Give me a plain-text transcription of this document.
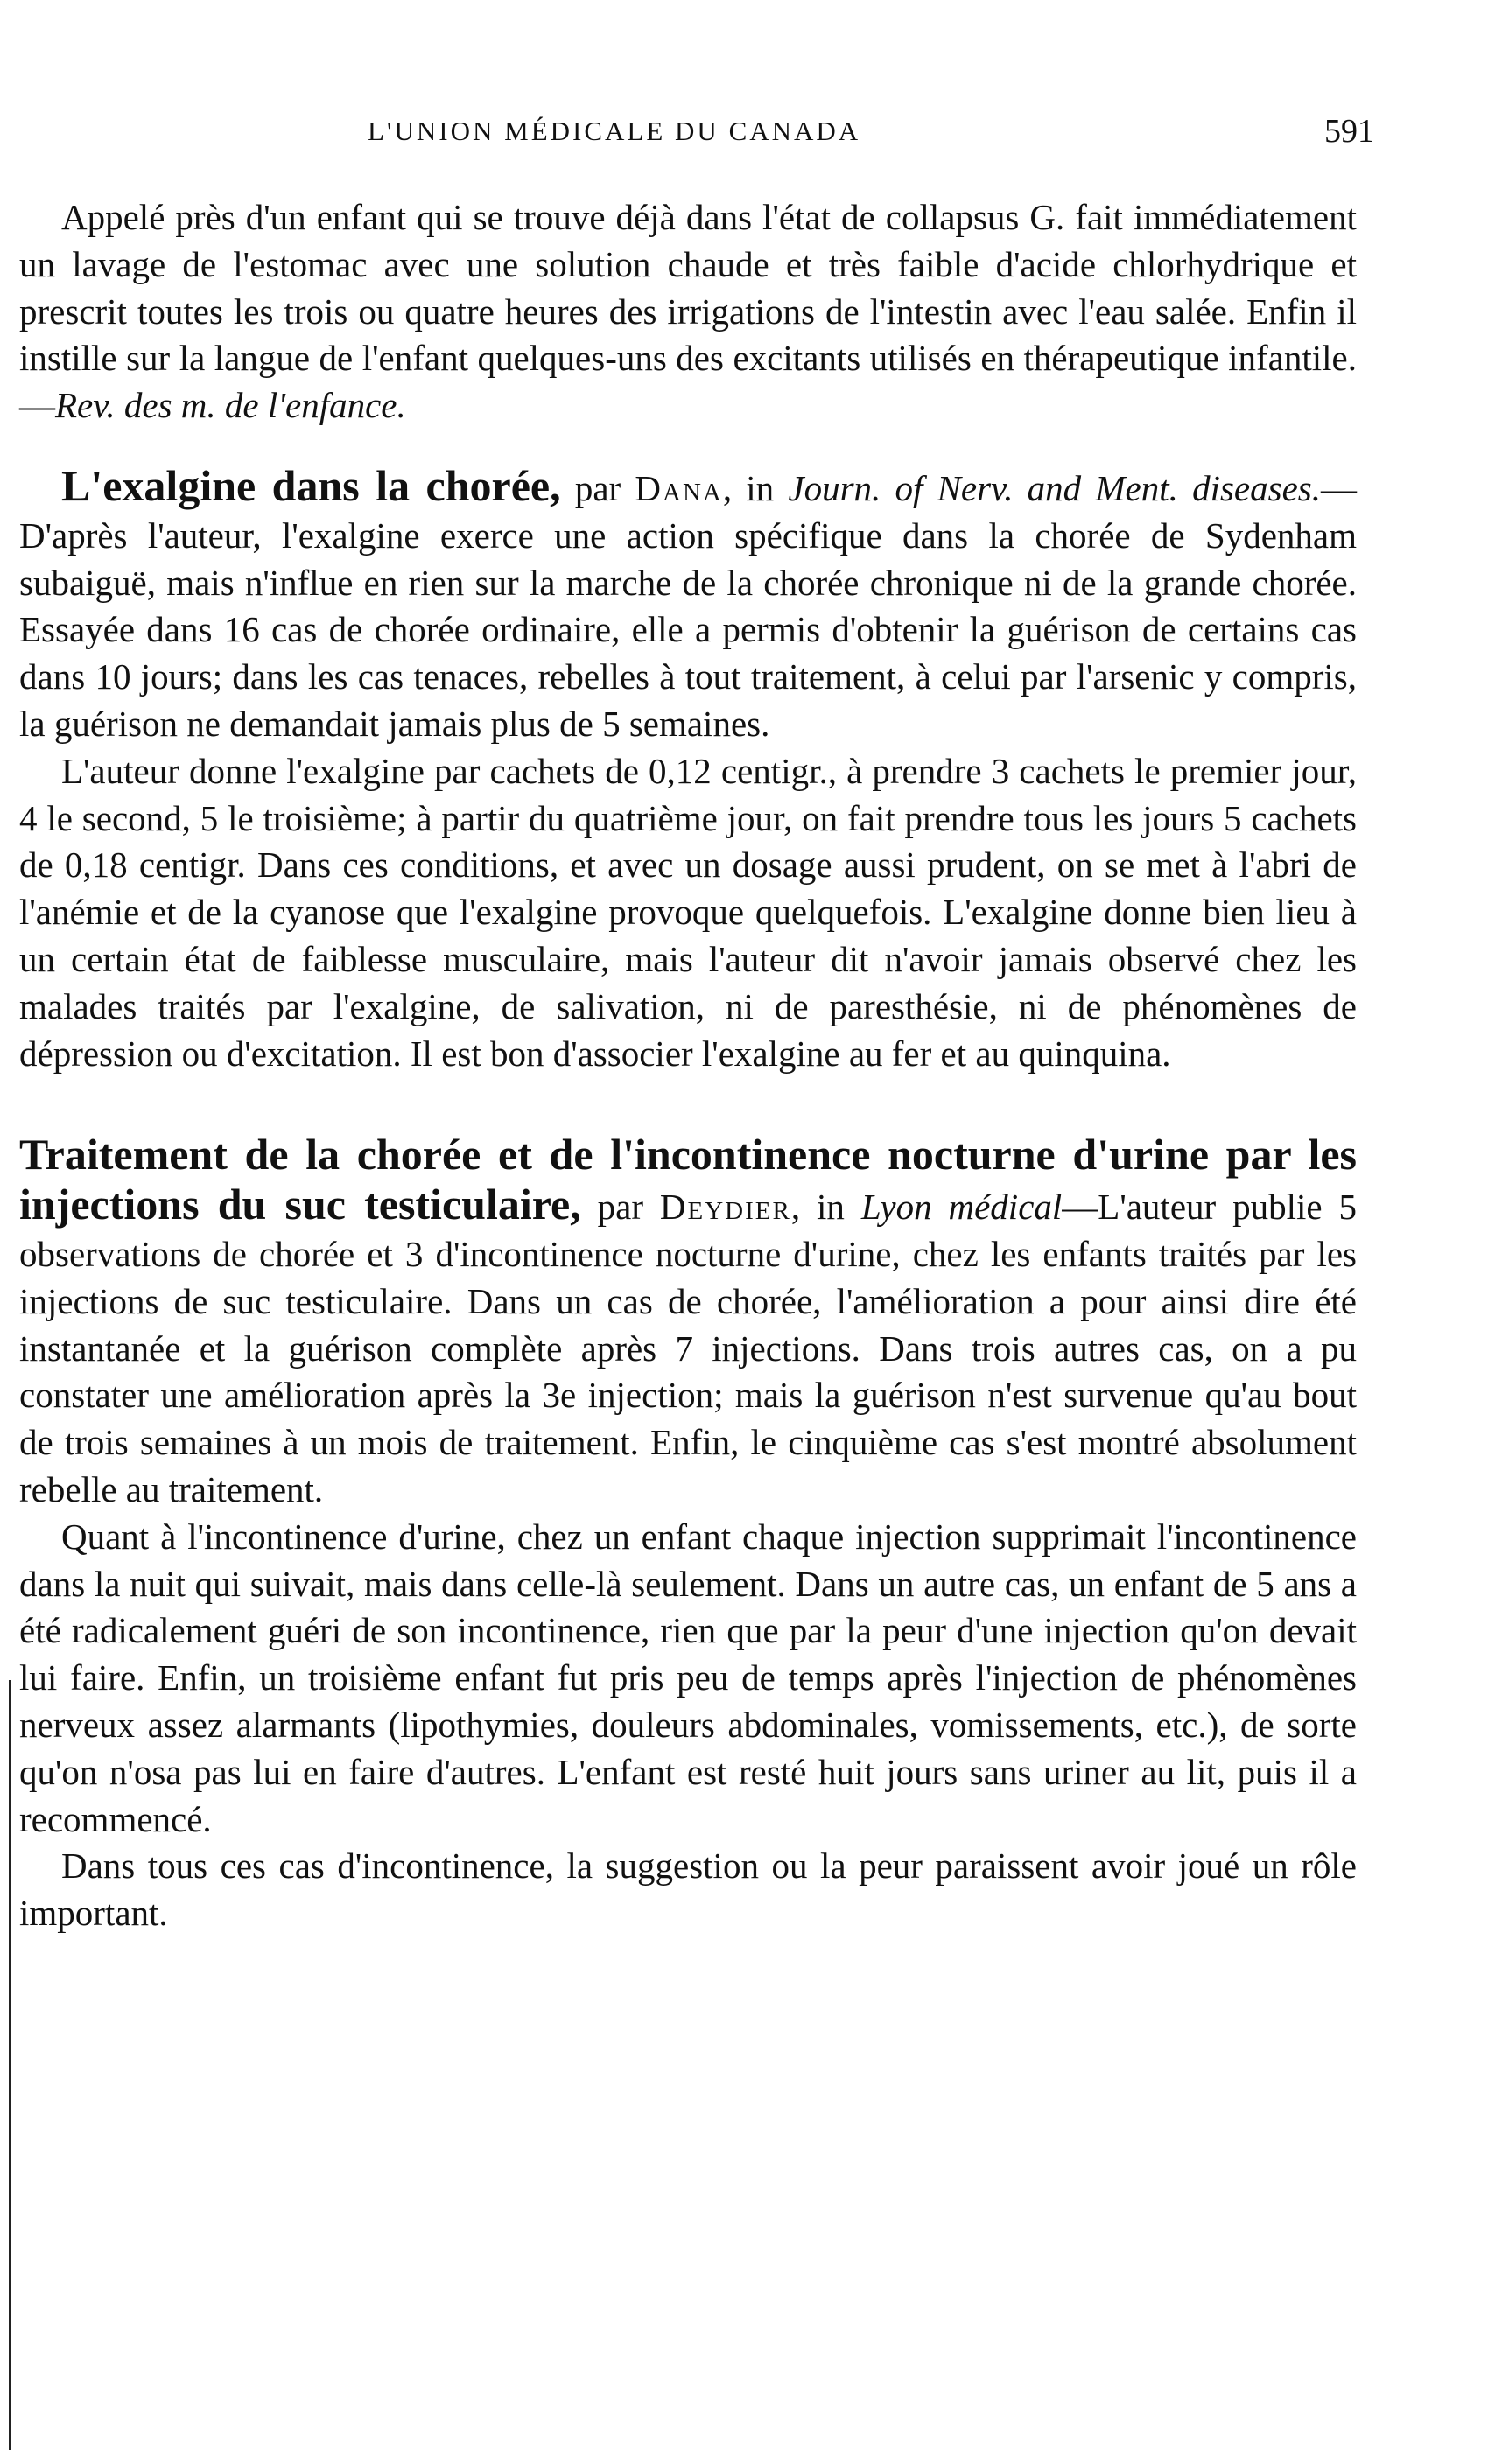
L'UNION MÉDICALE DU CANADA	591

Appelé près d'un enfant qui se trouve déjà dans l'état de collapsus G. fait immédiatement un lavage de l'estomac avec une solution chaude et très faible d'acide chlorhydrique et prescrit toutes les trois ou quatre heures des irrigations de l'intestin avec l'eau salée. Enfin il instille sur la langue de l'enfant quelques-uns des excitants utilisés en thérapeutique infantile.—Rev. des m. de l'enfance.

L'exalgine dans la chorée, par Dana, in Journ. of Nerv. and Ment. diseases.—D'après l'auteur, l'exalgine exerce une action spécifique dans la chorée de Sydenham subaiguë, mais n'influe en rien sur la marche de la chorée chronique ni de la grande chorée. Essayée dans 16 cas de chorée ordinaire, elle a permis d'obtenir la guérison de certains cas dans 10 jours; dans les cas tenaces, rebelles à tout traitement, à celui par l'arsenic y compris, la guérison ne demandait jamais plus de 5 semaines.

L'auteur donne l'exalgine par cachets de 0,12 centigr., à prendre 3 cachets le premier jour, 4 le second, 5 le troisième; à partir du quatrième jour, on fait prendre tous les jours 5 cachets de 0,18 centigr. Dans ces conditions, et avec un dosage aussi prudent, on se met à l'abri de l'anémie et de la cyanose que l'exalgine provoque quelquefois. L'exalgine donne bien lieu à un certain état de faiblesse musculaire, mais l'auteur dit n'avoir jamais observé chez les malades traités par l'exalgine, de salivation, ni de paresthésie, ni de phénomènes de dépression ou d'excitation. Il est bon d'associer l'exalgine au fer et au quinquina.

Traitement de la chorée et de l'incontinence nocturne d'urine par les injections du suc testiculaire, par Deydier, in Lyon médical—L'auteur publie 5 observations de chorée et 3 d'incontinence nocturne d'urine, chez les enfants traités par les injections de suc testiculaire. Dans un cas de chorée, l'amélioration a pour ainsi dire été instantanée et la guérison complète après 7 injections. Dans trois autres cas, on a pu constater une amélioration après la 3e injection; mais la guérison n'est survenue qu'au bout de trois semaines à un mois de traitement. Enfin, le cinquième cas s'est montré absolument rebelle au traitement.

Quant à l'incontinence d'urine, chez un enfant chaque injection supprimait l'incontinence dans la nuit qui suivait, mais dans celle-là seulement. Dans un autre cas, un enfant de 5 ans a été radicalement guéri de son incontinence, rien que par la peur d'une injection qu'on devait lui faire. Enfin, un troisième enfant fut pris peu de temps après l'injection de phénomènes nerveux assez alarmants (lipothymies, douleurs abdominales, vomissements, etc.), de sorte qu'on n'osa pas lui en faire d'autres. L'enfant est resté huit jours sans uriner au lit, puis il a recommencé.

Dans tous ces cas d'incontinence, la suggestion ou la peur paraissent avoir joué un rôle important.
